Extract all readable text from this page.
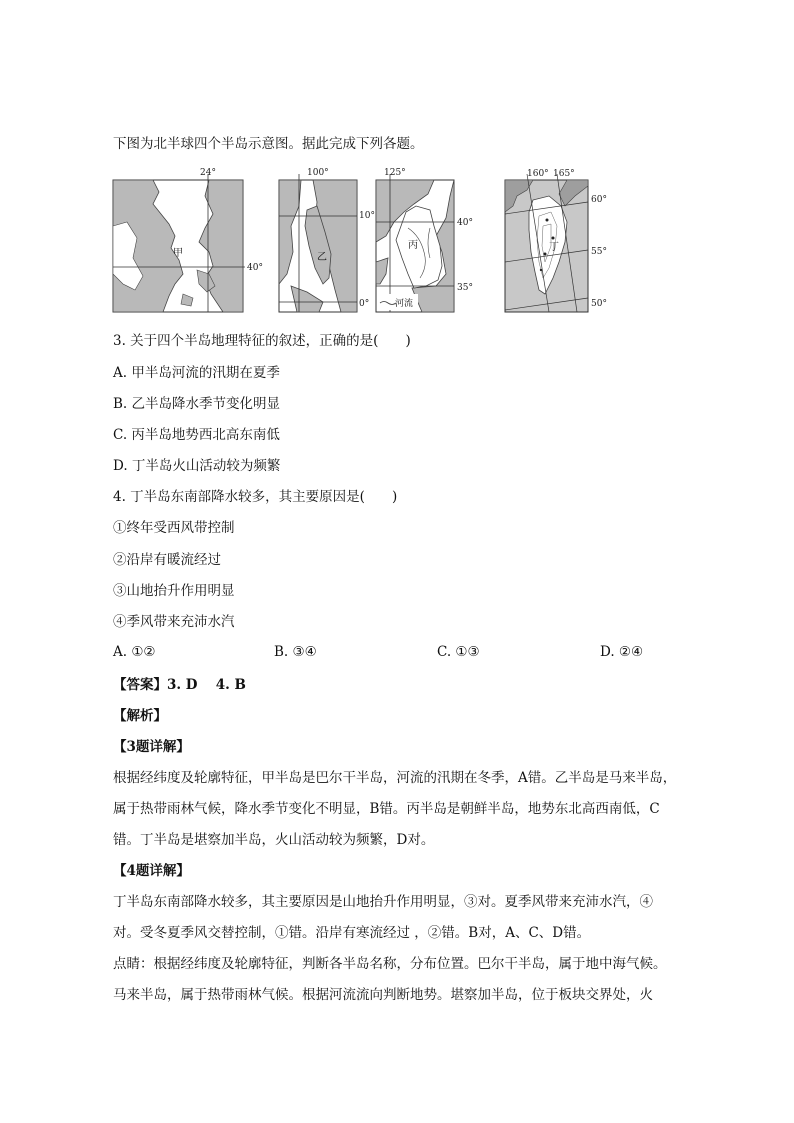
下图为北半球四个半岛示意图。据此完成下列各题。
24°
40°
甲
100°
10°
0°
乙
河流
125°
40°
35°
丙
160° 165°
60°
55°
50°
丁
3. 关于四个半岛地理特征的叙述，正确的是(　　)
A. 甲半岛河流的汛期在夏季
B. 乙半岛降水季节变化明显
C. 丙半岛地势西北高东南低
D. 丁半岛火山活动较为频繁
4. 丁半岛东南部降水较多，其主要原因是(　　)
①终年受西风带控制
②沿岸有暖流经过
③山地抬升作用明显
④季风带来充沛水汽
A. ①②	B. ③④	C. ①③	D. ②④
【答案】3. D　 4. B
【解析】
【3题详解】
根据经纬度及轮廓特征，甲半岛是巴尔干半岛，河流的汛期在冬季，A错。乙半岛是马来半岛，
属于热带雨林气候，降水季节变化不明显，B错。丙半岛是朝鲜半岛，地势东北高西南低，C
错。丁半岛是堪察加半岛，火山活动较为频繁，D对。
【4题详解】
丁半岛东南部降水较多，其主要原因是山地抬升作用明显，③对。夏季风带来充沛水汽，④
对。受冬夏季风交替控制，①错。沿岸有寒流经过 ，②错。B对，A、C、D错。
点睛：根据经纬度及轮廓特征，判断各半岛名称，分布位置。巴尔干半岛，属于地中海气候。
马来半岛，属于热带雨林气候。根据河流流向判断地势。堪察加半岛，位于板块交界处，火
